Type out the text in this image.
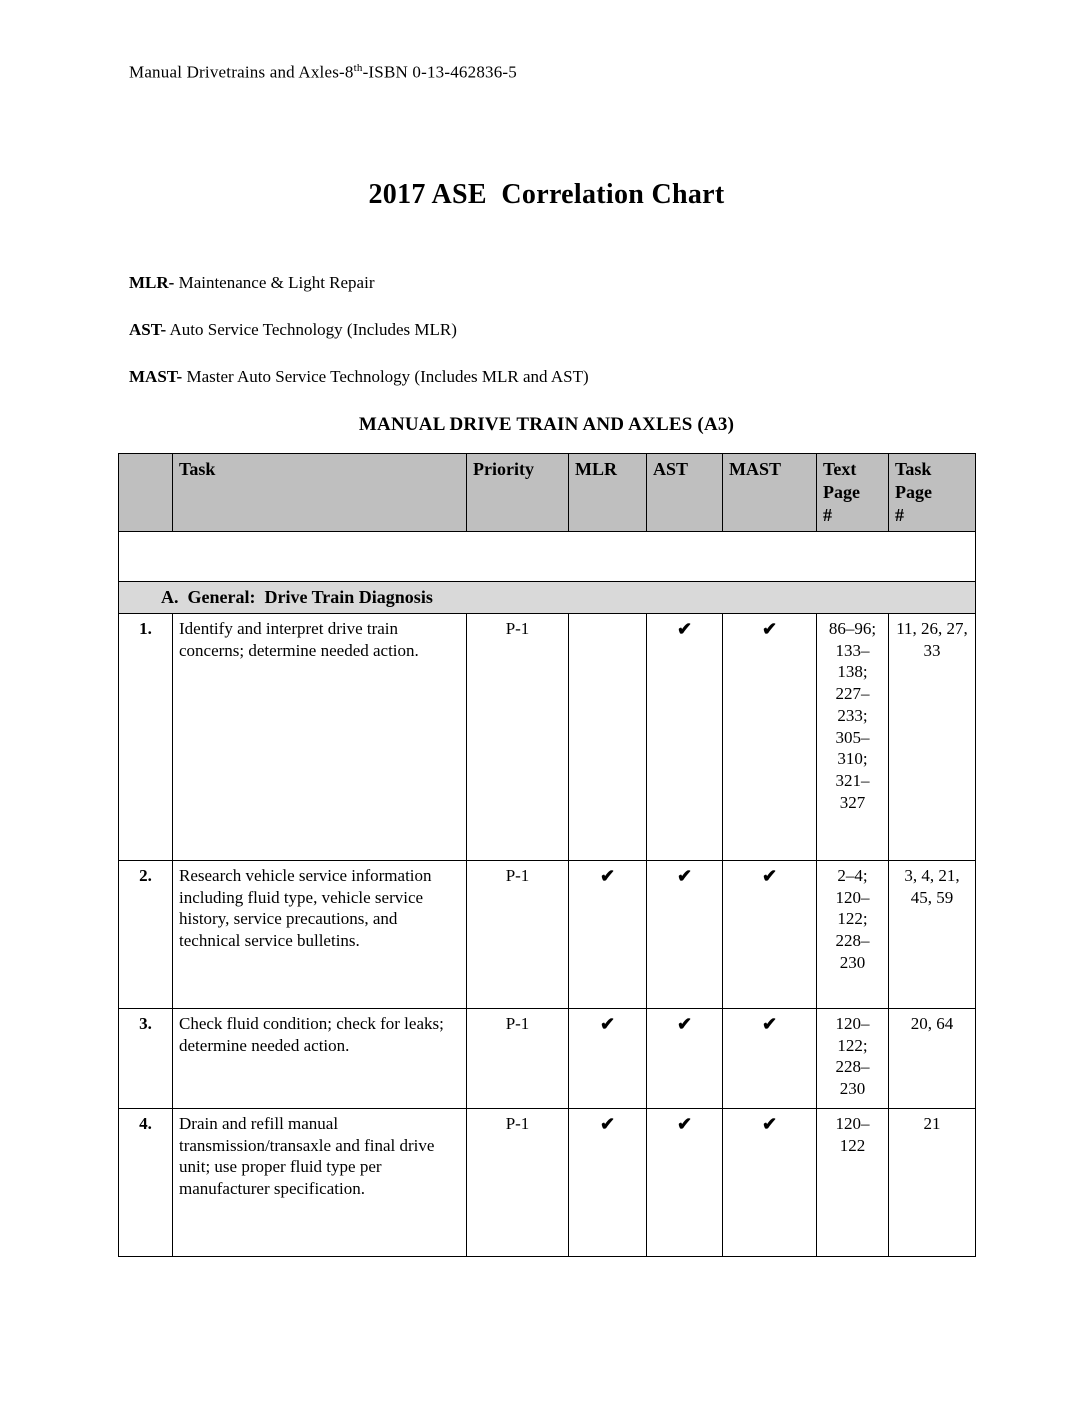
Manual Drivetrains and Axles-8th-ISBN 0-13-462836-5

2017 ASE  Correlation Chart

MLR- Maintenance & Light Repair

AST- Auto Service Technology (Includes MLR)

MAST- Master Auto Service Technology (Includes MLR and AST)

MANUAL DRIVE TRAIN AND AXLES (A3)
	Task	Priority	MLR	AST	MAST	Text
Page
#	Task
Page
#

A.  General:  Drive Train Diagnosis							
1.	Identify and interpret drive train concerns; determine needed action.	P-1		✔	✔	86–96;
133–138;
227–233;
305–310;
321–327	11, 26, 27, 33
2.	Research vehicle service information including fluid type, vehicle service history, service precautions, and technical service bulletins.	P-1	✔	✔	✔	2–4;
120–122;
228–230	3, 4, 21, 45, 59
3.	Check fluid condition; check for leaks; determine needed action.	P-1	✔	✔	✔	120–122;
228–230	20, 64
4.	Drain and refill manual transmission/transaxle and final drive unit; use proper fluid type per manufacturer specification.	P-1	✔	✔	✔	120–122	21
